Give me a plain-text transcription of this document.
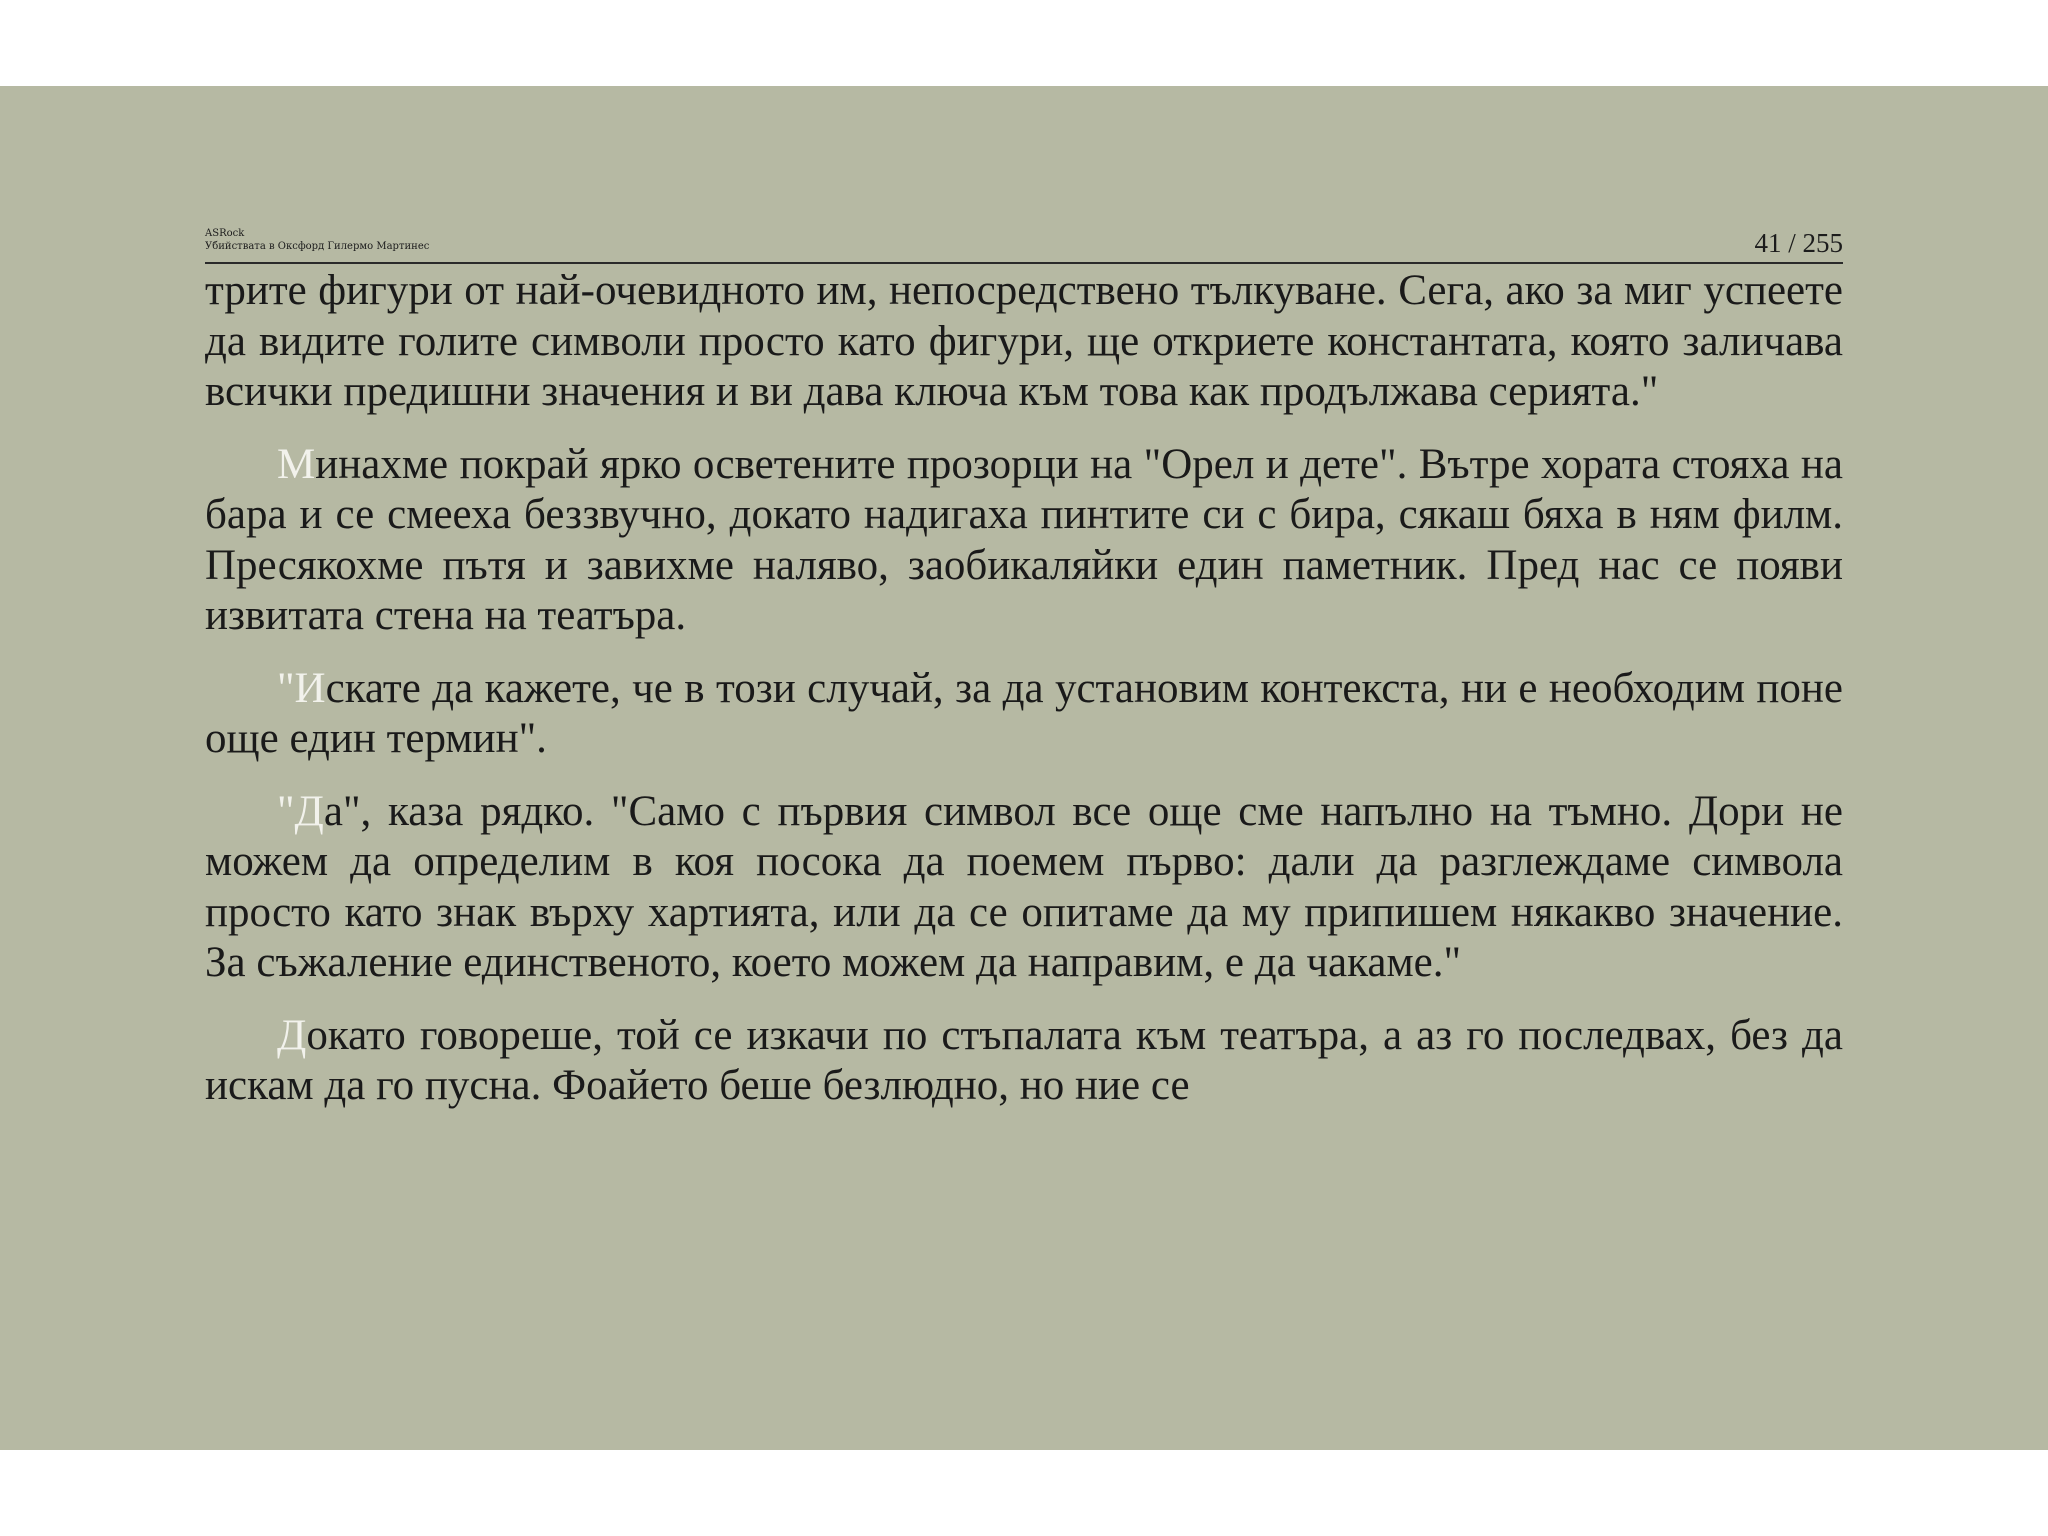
ASRock
Убийствата в Оксфорд Гилермо Мартинес	41 / 255

трите фигури от най-очевидното им, непосредствено тълкуване. Сега, ако за миг успеете да видите голите символи просто като фигури, ще откриете константата, която заличава всички предишни значения и ви дава ключа към това как продължава серията."

Минахме покрай ярко осветените прозорци на "Орел и дете". Вътре хората стояха на бара и се смееха беззвучно, докато надигаха пинтите си с бира, сякаш бяха в ням филм. Пресякохме пътя и завихме наляво, заобикаляйки един паметник. Пред нас се появи извитата стена на театъра.

"Искате да кажете, че в този случай, за да установим контекста, ни е необходим поне още един термин".

"Да", каза рядко. "Само с първия символ все още сме напълно на тъмно. Дори не можем да определим в коя посока да поемем първо: дали да разглеждаме символа просто като знак върху хартията, или да се опитаме да му припишем някакво значение. За съжаление единственото, което можем да направим, е да чакаме."

Докато говореше, той се изкачи по стъпалата към театъра, а аз го последвах, без да искам да го пусна. Фоайето беше безлюдно, но ние се
